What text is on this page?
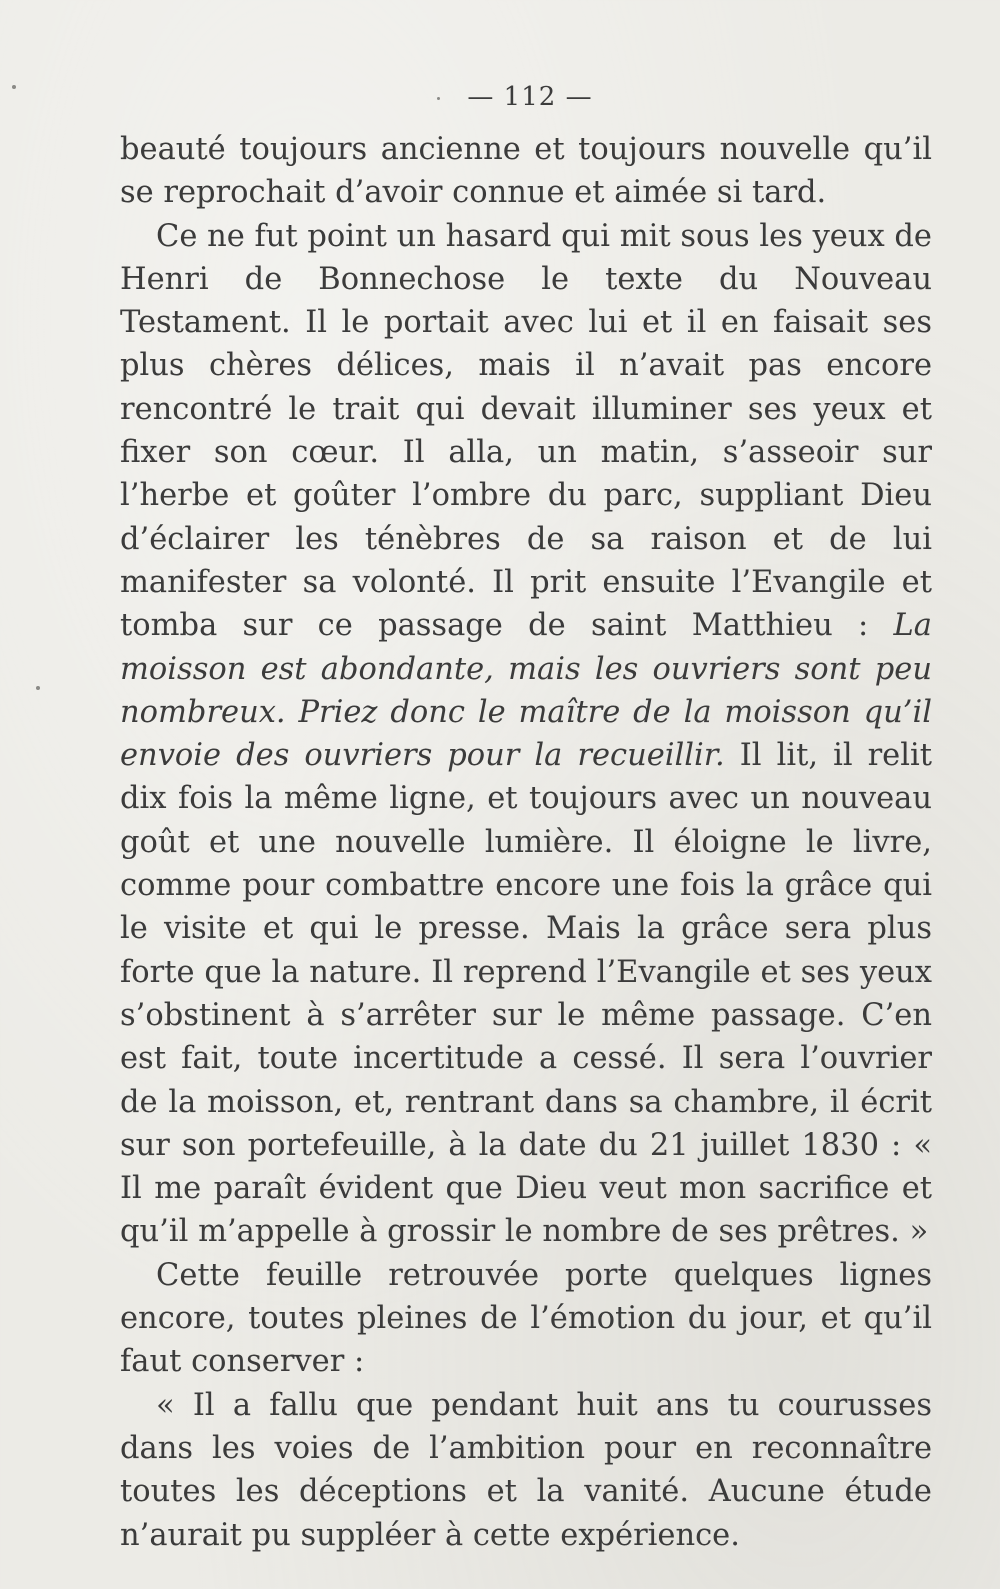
— 112 —

beauté toujours ancienne et toujours nouvelle qu’il se reprochait d’avoir connue et aimée si tard.

Ce ne fut point un hasard qui mit sous les yeux de Henri de Bonnechose le texte du Nouveau Testament. Il le portait avec lui et il en faisait ses plus chères délices, mais il n’avait pas encore rencontré le trait qui devait illuminer ses yeux et fixer son cœur. Il alla, un matin, s’asseoir sur l’herbe et goûter l’ombre du parc, suppliant Dieu d’éclairer les ténèbres de sa raison et de lui manifester sa volonté. Il prit ensuite l’Evangile et tomba sur ce passage de saint Matthieu : La moisson est abondante, mais les ouvriers sont peu nombreux. Priez donc le maître de la moisson qu’il envoie des ouvriers pour la recueillir. Il lit, il relit dix fois la même ligne, et toujours avec un nouveau goût et une nouvelle lumière. Il éloigne le livre, comme pour combattre encore une fois la grâce qui le visite et qui le presse. Mais la grâce sera plus forte que la nature. Il reprend l’Evangile et ses yeux s’obstinent à s’arrêter sur le même passage. C’en est fait, toute incertitude a cessé. Il sera l’ouvrier de la moisson, et, rentrant dans sa chambre, il écrit sur son portefeuille, à la date du 21 juillet 1830 : « Il me paraît évident que Dieu veut mon sacrifice et qu’il m’appelle à grossir le nombre de ses prêtres. »

Cette feuille retrouvée porte quelques lignes encore, toutes pleines de l’émotion du jour, et qu’il faut conserver :

« Il a fallu que pendant huit ans tu courusses dans les voies de l’ambition pour en reconnaître toutes les déceptions et la vanité. Aucune étude n’aurait pu suppléer à cette expérience.
